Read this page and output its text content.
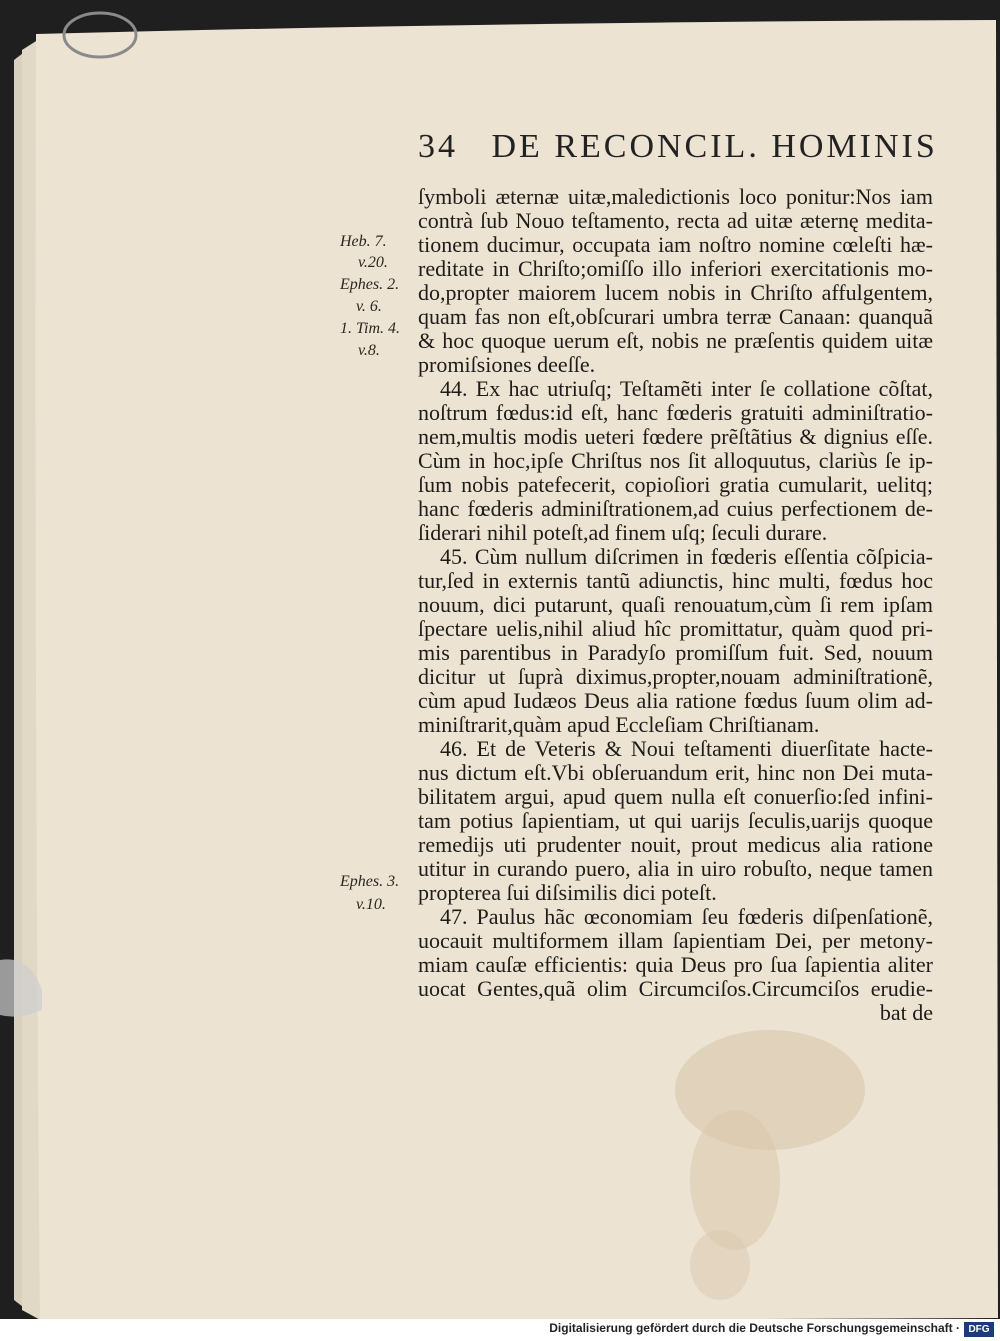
34 DE RECONCIL. HOMINIS
Heb. 7.
v.20.
Ephes. 2.
v. 6.
1. Tim. 4.
v.8.
Ephes. 3.
v.10.
ſymboli æternæ uitæ,maledictionis loco ponitur:Nos iam
contrà ſub Nouo teſtamento, recta ad uitæ æternę medita-
tionem ducimur, occupata iam noſtro nomine cœleſti hæ-
reditate in Chriſto;omiſſo illo inferiori exercitationis mo-
do,propter maiorem lucem nobis in Chriſto affulgentem,
quam fas non eſt,obſcurari umbra terræ Canaan: quanquã
& hoc quoque uerum eſt, nobis ne præſentis quidem uitæ
promiſsiones deeſſe.
44. Ex hac utriuſq; Teſtamẽti inter ſe collatione cõſtat,
noſtrum fœdus:id eſt, hanc fœderis gratuiti adminiſtratio-
nem,multis modis ueteri fœdere prẽſtãtius & dignius eſſe.
Cùm in hoc,ipſe Chriſtus nos ſit alloquutus, clariùs ſe ip-
ſum nobis patefecerit, copioſiori gratia cumularit, uelitq;
hanc fœderis adminiſtrationem,ad cuius perfectionem de-
ſiderari nihil poteſt,ad finem uſq; ſeculi durare.
45. Cùm nullum diſcrimen in fœderis eſſentia cõſpicia-
tur,ſed in externis tantũ adiunctis, hinc multi, fœdus hoc
nouum, dici putarunt, quaſi renouatum,cùm ſi rem ipſam
ſpectare uelis,nihil aliud hîc promittatur, quàm quod pri-
mis parentibus in Paradyſo promiſſum fuit. Sed, nouum
dicitur ut ſuprà diximus,propter,nouam adminiſtrationẽ,
cùm apud Iudæos Deus alia ratione fœdus ſuum olim ad-
miniſtrarit,quàm apud Eccleſiam Chriſtianam.
46. Et de Veteris & Noui teſtamenti diuerſitate hacte-
nus dictum eſt.Vbi obſeruandum erit, hinc non Dei muta-
bilitatem argui, apud quem nulla eſt conuerſio:ſed infini-
tam potius ſapientiam, ut qui uarijs ſeculis,uarijs quoque
remedijs uti prudenter nouit, prout medicus alia ratione
utitur in curando puero, alia in uiro robuſto, neque tamen
propterea ſui diſsimilis dici poteſt.
47. Paulus hãc œconomiam ſeu fœderis diſpenſationẽ,
uocauit multiformem illam ſapientiam Dei, per metony-
miam cauſæ efficientis: quia Deus pro ſua ſapientia aliter
uocat Gentes,quã olim Circumciſos.Circumciſos erudie-
bat de
Digitalisierung gefördert durch die Deutsche Forschungsgemeinschaft · DFG
